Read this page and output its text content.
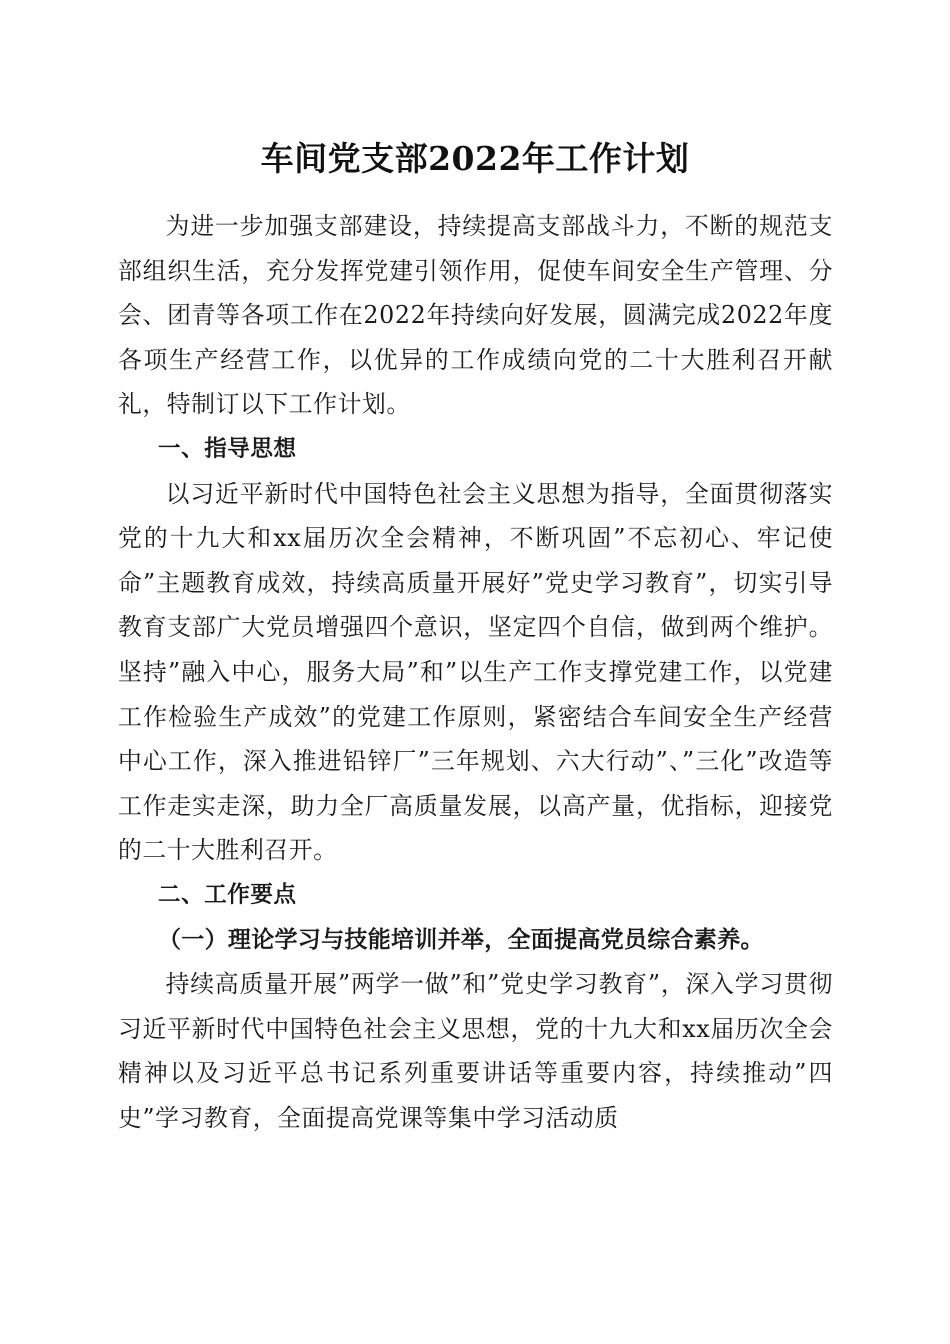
车间党支部2022年工作计划

为进一步加强支部建设，持续提高支部战斗力，不断的规范支部组织生活，充分发挥党建引领作用，促使车间安全生产管理、分会、团青等各项工作在2022年持续向好发展，圆满完成2022年度各项生产经营工作，以优异的工作成绩向党的二十大胜利召开献礼，特制订以下工作计划。

一、指导思想

以习近平新时代中国特色社会主义思想为指导，全面贯彻落实党的十九大和xx届历次全会精神，不断巩固”不忘初心、牢记使命”主题教育成效，持续高质量开展好”党史学习教育”，切实引导教育支部广大党员增强四个意识，坚定四个自信，做到两个维护。坚持”融入中心，服务大局”和”以生产工作支撑党建工作，以党建工作检验生产成效”的党建工作原则，紧密结合车间安全生产经营中心工作，深入推进铅锌厂”三年规划、六大行动”、”三化”改造等工作走实走深，助力全厂高质量发展，以高产量，优指标，迎接党的二十大胜利召开。

二、工作要点

（一）理论学习与技能培训并举，全面提高党员综合素养。

持续高质量开展”两学一做”和”党史学习教育”，深入学习贯彻习近平新时代中国特色社会主义思想，党的十九大和xx届历次全会精神以及习近平总书记系列重要讲话等重要内容，持续推动”四史”学习教育，全面提高党课等集中学习活动质
